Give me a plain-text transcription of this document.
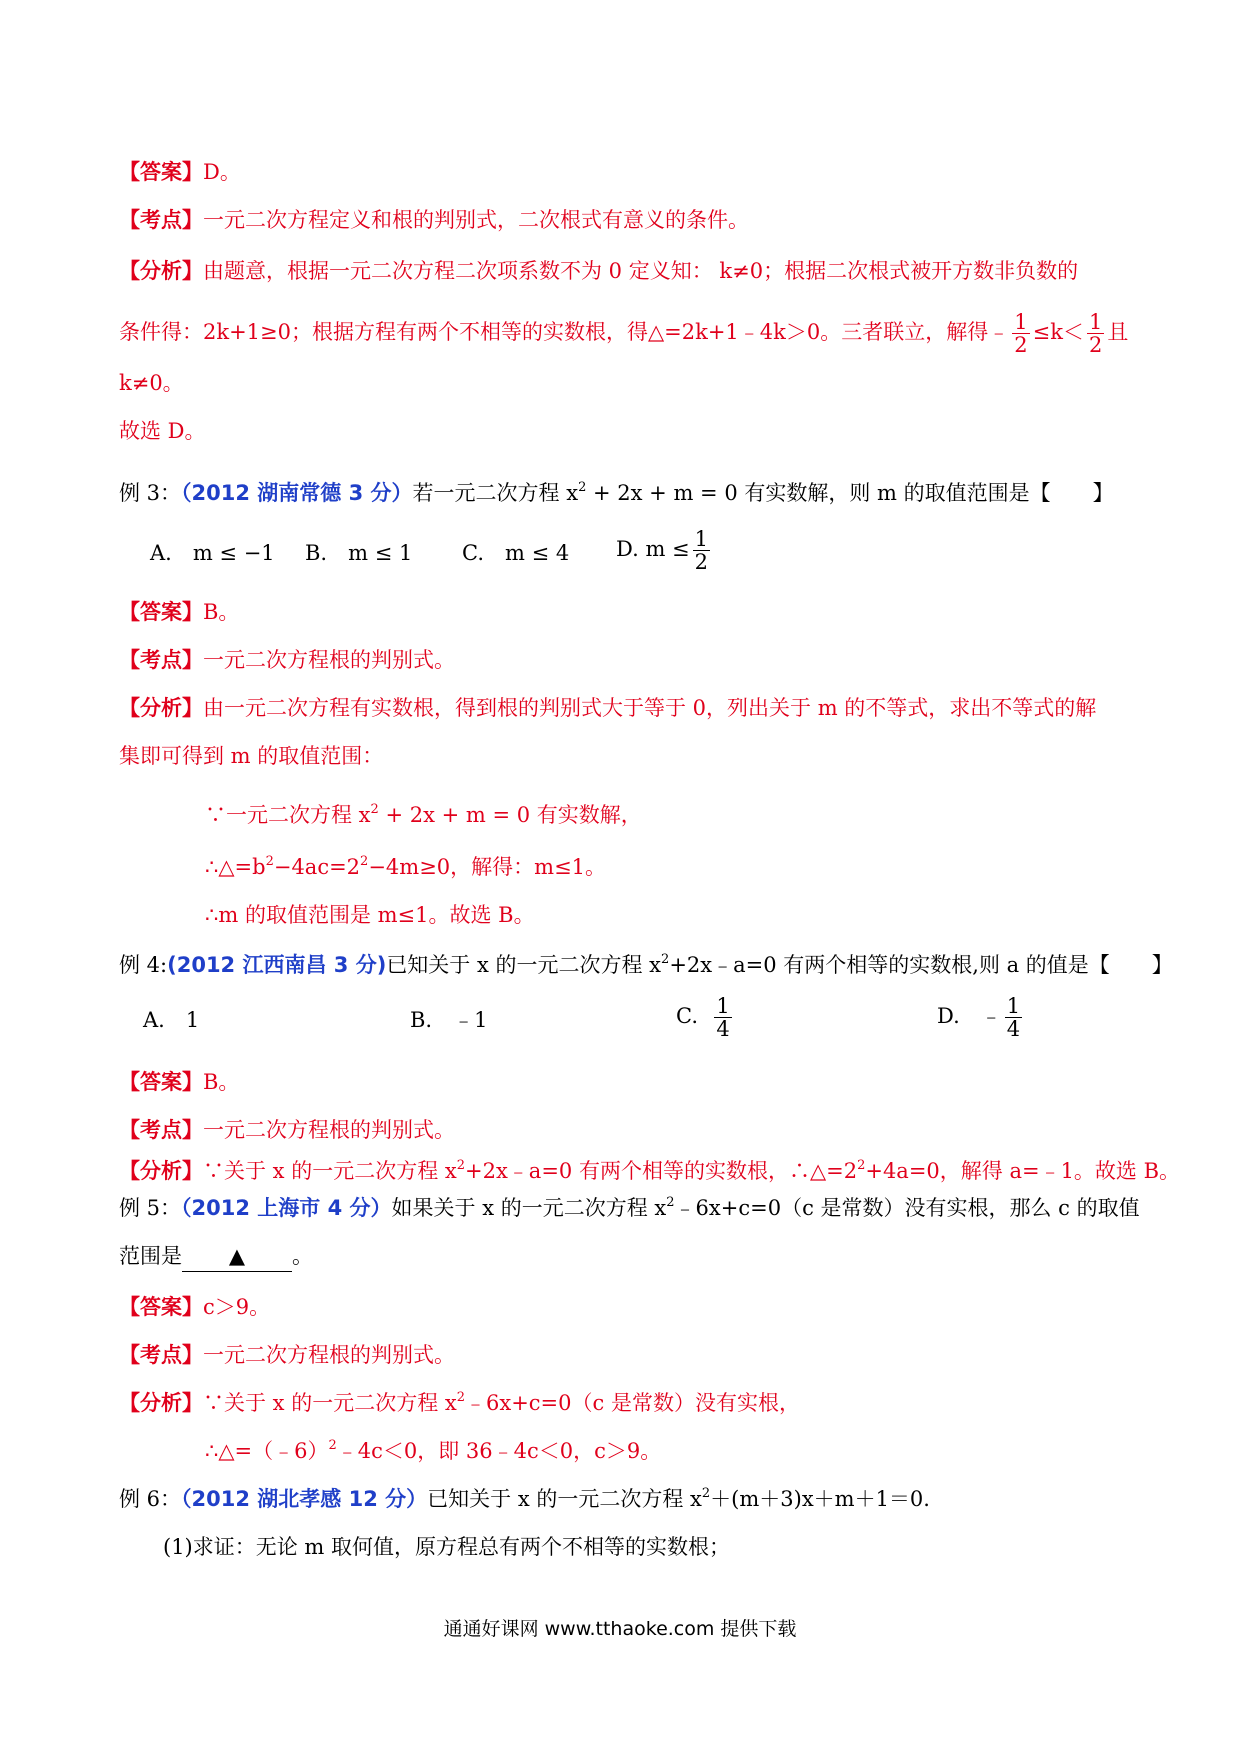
【答案】D。
【考点】一元二次方程定义和根的判别式，二次根式有意义的条件。
【分析】由题意，根据一元二次方程二次项系数不为 0 定义知： k≠0；根据二次根式被开方数非负数的
条件得：2k+1≥0；根据方程有两个不相等的实数根，得△=2k+1﹣4k＞0。三者联立，解得﹣ $\frac{1}{2} \le k< \frac{1}{2}$ 且
k≠0。
故选 D。
例 3：（2012 湖南常德 3 分）若一元二次方程 $x^2 + 2x + m = 0$ 有实数解，则 m 的取值范围是【　　】
A.　m ≤ −1 B.　m ≤ 1 C.　m ≤ 4 D. $m \le \frac{1}{2}$
【答案】B。
【考点】一元二次方程根的判别式。
【分析】由一元二次方程有实数根，得到根的判别式大于等于 0，列出关于 m 的不等式，求出不等式的解
集即可得到 m 的取值范围：
∵一元二次方程 $x^2 + 2x + m = 0$ 有实数解，
$\therefore\triangle=b^2-4ac=2^2-4m\ge 0$，解得：m≤1。
∴m 的取值范围是 m≤1。故选 B。
例 4:(2012 江西南昌 3 分)已知关于 x 的一元二次方程 $x^2+2x﹣a=0$ 有两个相等的实数根,则 a 的值是【　　】
A.　1	B.　﹣1	C. $\frac{1}{4}$	D.　﹣ $\frac{1}{4}$
【答案】B。
【考点】一元二次方程根的判别式。
【分析】∵关于 x 的一元二次方程 $x^2+2x﹣a=0$ 有两个相等的实数根，$\therefore\triangle=2^2+4a=0$，解得 a=﹣1。故选 B。
例 5：（2012 上海市 4 分）如果关于 x 的一元二次方程 $x^2﹣6x+c=0(c$ 是常数）没有实根，那么 c 的取值
范围是 ▲ 。
【答案】c＞9。
【考点】一元二次方程根的判别式。
【分析】∵关于 x 的一元二次方程 $x^2﹣6x+c=0(c$ 是常数）没有实根，
∴△=（﹣6）$^2$﹣4c＜0，即 36﹣4c＜0，c＞9。
例 6：（2012 湖北孝感 12 分）已知关于 x 的一元二次方程 $x^2+(m+3)x+m+1=0$.
(1)求证：无论 m 取何值，原方程总有两个不相等的实数根；
通通好课网 www.tthaoke.com 提供下载
